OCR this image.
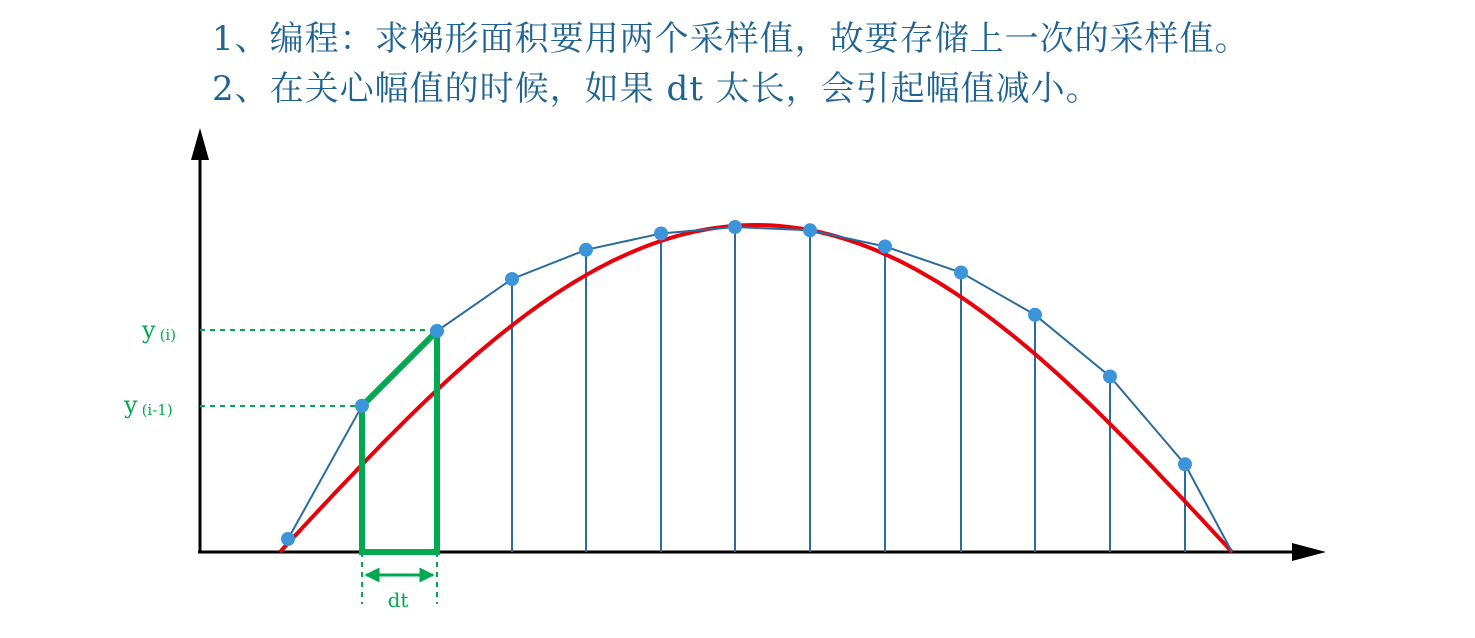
1、编程：求梯形面积要用两个采样值，故要存储上一次的采样值。
2、在关心幅值的时候，如果 dt 太长，会引起幅值减小。
y (i)
y (i-1)
dt
